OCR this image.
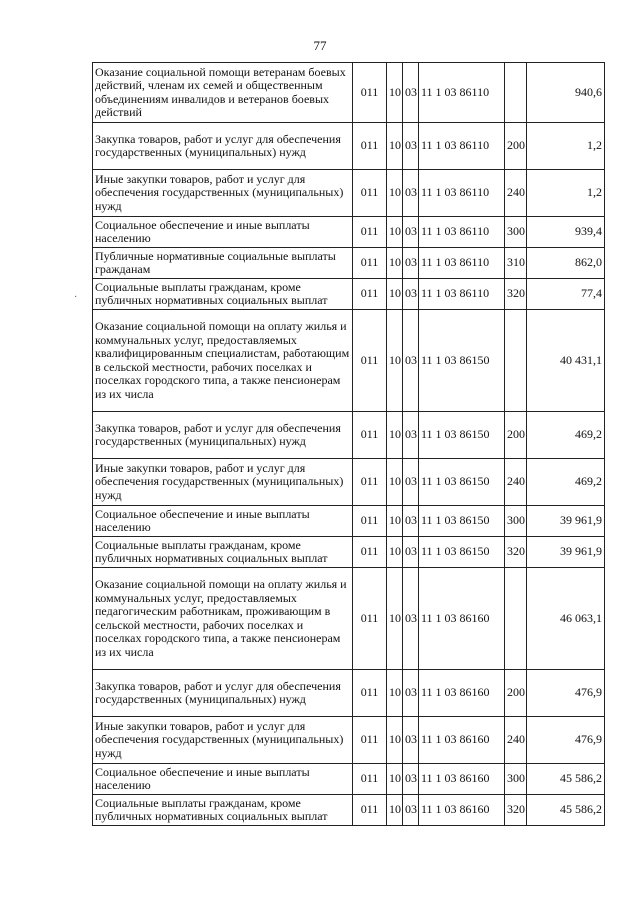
77
·
Оказание социальной помощи ветеранам боевых действий, членам их семей и общественным объединениям инвалидов и ветеранов боевых действий	011	10	03	11 1 03 86110		940,6
Закупка товаров, работ и услуг для обеспечения государственных (муниципальных) нужд	011	10	03	11 1 03 86110	200	1,2
Иные закупки товаров, работ и услуг для обеспечения государственных (муниципальных) нужд	011	10	03	11 1 03 86110	240	1,2
Социальное обеспечение и иные выплаты населению	011	10	03	11 1 03 86110	300	939,4
Публичные нормативные социальные выплаты гражданам	011	10	03	11 1 03 86110	310	862,0
Социальные выплаты гражданам, кроме публичных нормативных социальных выплат	011	10	03	11 1 03 86110	320	77,4
Оказание социальной помощи на оплату жилья и коммунальных услуг, предоставляемых квалифицированным специалистам, работающим в сельской местности, рабочих поселках и поселках городского типа, а также пенсионерам из их числа	011	10	03	11 1 03 86150		40 431,1
Закупка товаров, работ и услуг для обеспечения государственных (муниципальных) нужд	011	10	03	11 1 03 86150	200	469,2
Иные закупки товаров, работ и услуг для обеспечения государственных (муниципальных) нужд	011	10	03	11 1 03 86150	240	469,2
Социальное обеспечение и иные выплаты населению	011	10	03	11 1 03 86150	300	39 961,9
Социальные выплаты гражданам, кроме публичных нормативных социальных выплат	011	10	03	11 1 03 86150	320	39 961,9
Оказание социальной помощи на оплату жилья и коммунальных услуг, предоставляемых педагогическим работникам, проживающим в сельской местности, рабочих поселках и поселках городского типа, а также пенсионерам из их числа	011	10	03	11 1 03 86160		46 063,1
Закупка товаров, работ и услуг для обеспечения государственных (муниципальных) нужд	011	10	03	11 1 03 86160	200	476,9
Иные закупки товаров, работ и услуг для обеспечения государственных (муниципальных) нужд	011	10	03	11 1 03 86160	240	476,9
Социальное обеспечение и иные выплаты населению	011	10	03	11 1 03 86160	300	45 586,2
Социальные выплаты гражданам, кроме публичных нормативных социальных выплат	011	10	03	11 1 03 86160	320	45 586,2
